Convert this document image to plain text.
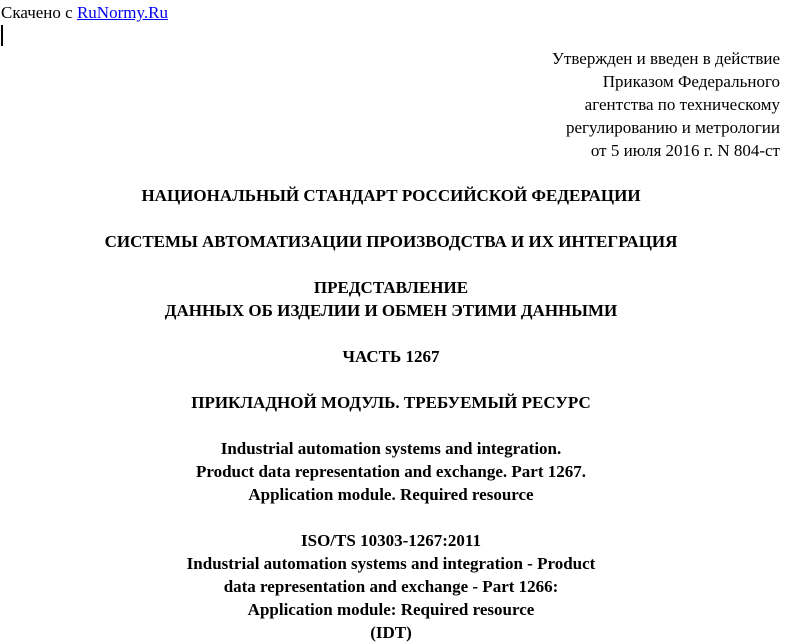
Скачено с RuNormy.Ru
Утвержден и введен в действие
Приказом Федерального
агентства по техническому
регулированию и метрологии
от 5 июля 2016 г. N 804-ст
НАЦИОНАЛЬНЫЙ СТАНДАРТ РОССИЙСКОЙ ФЕДЕРАЦИИ
СИСТЕМЫ АВТОМАТИЗАЦИИ ПРОИЗВОДСТВА И ИХ ИНТЕГРАЦИЯ
ПРЕДСТАВЛЕНИЕ
ДАННЫХ ОБ ИЗДЕЛИИ И ОБМЕН ЭТИМИ ДАННЫМИ
ЧАСТЬ 1267
ПРИКЛАДНОЙ МОДУЛЬ. ТРЕБУЕМЫЙ РЕСУРС
Industrial automation systems and integration.
Product data representation and exchange. Part 1267.
Application module. Required resource
ISO/TS 10303-1267:2011
Industrial automation systems and integration - Product
data representation and exchange - Part 1266:
Application module: Required resource
(IDT)
